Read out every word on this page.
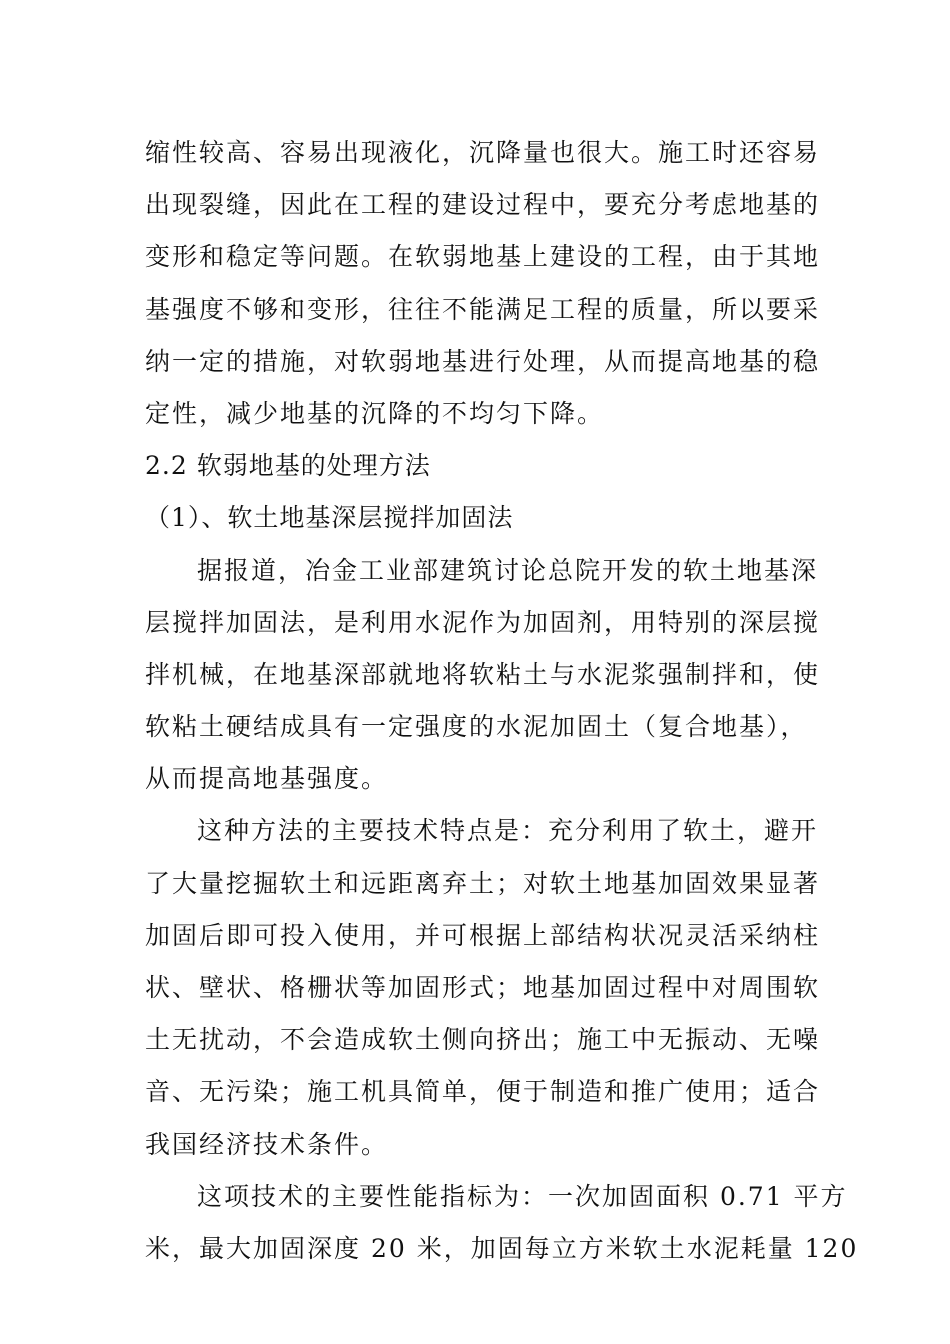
缩性较高、容易出现液化，沉降量也很大。施工时还容易
出现裂缝，因此在工程的建设过程中，要充分考虑地基的
变形和稳定等问题。在软弱地基上建设的工程，由于其地
基强度不够和变形，往往不能满足工程的质量，所以要采
纳一定的措施，对软弱地基进行处理，从而提高地基的稳
定性，减少地基的沉降的不均匀下降。
2.2 软弱地基的处理方法
（1）、软土地基深层搅拌加固法
据报道，冶金工业部建筑讨论总院开发的软土地基深
层搅拌加固法，是利用水泥作为加固剂，用特别的深层搅
拌机械，在地基深部就地将软粘土与水泥浆强制拌和，使
软粘土硬结成具有一定强度的水泥加固土（复合地基），
从而提高地基强度。
这种方法的主要技术特点是：充分利用了软土，避开
了大量挖掘软土和远距离弃土；对软土地基加固效果显著
加固后即可投入使用，并可根据上部结构状况灵活采纳柱
状、壁状、格栅状等加固形式；地基加固过程中对周围软
土无扰动，不会造成软土侧向挤出；施工中无振动、无噪
音、无污染；施工机具简单，便于制造和推广使用；适合
我国经济技术条件。
这项技术的主要性能指标为：一次加固面积 0.71 平方
米，最大加固深度 20 米，加固每立方米软土水泥耗量 120
